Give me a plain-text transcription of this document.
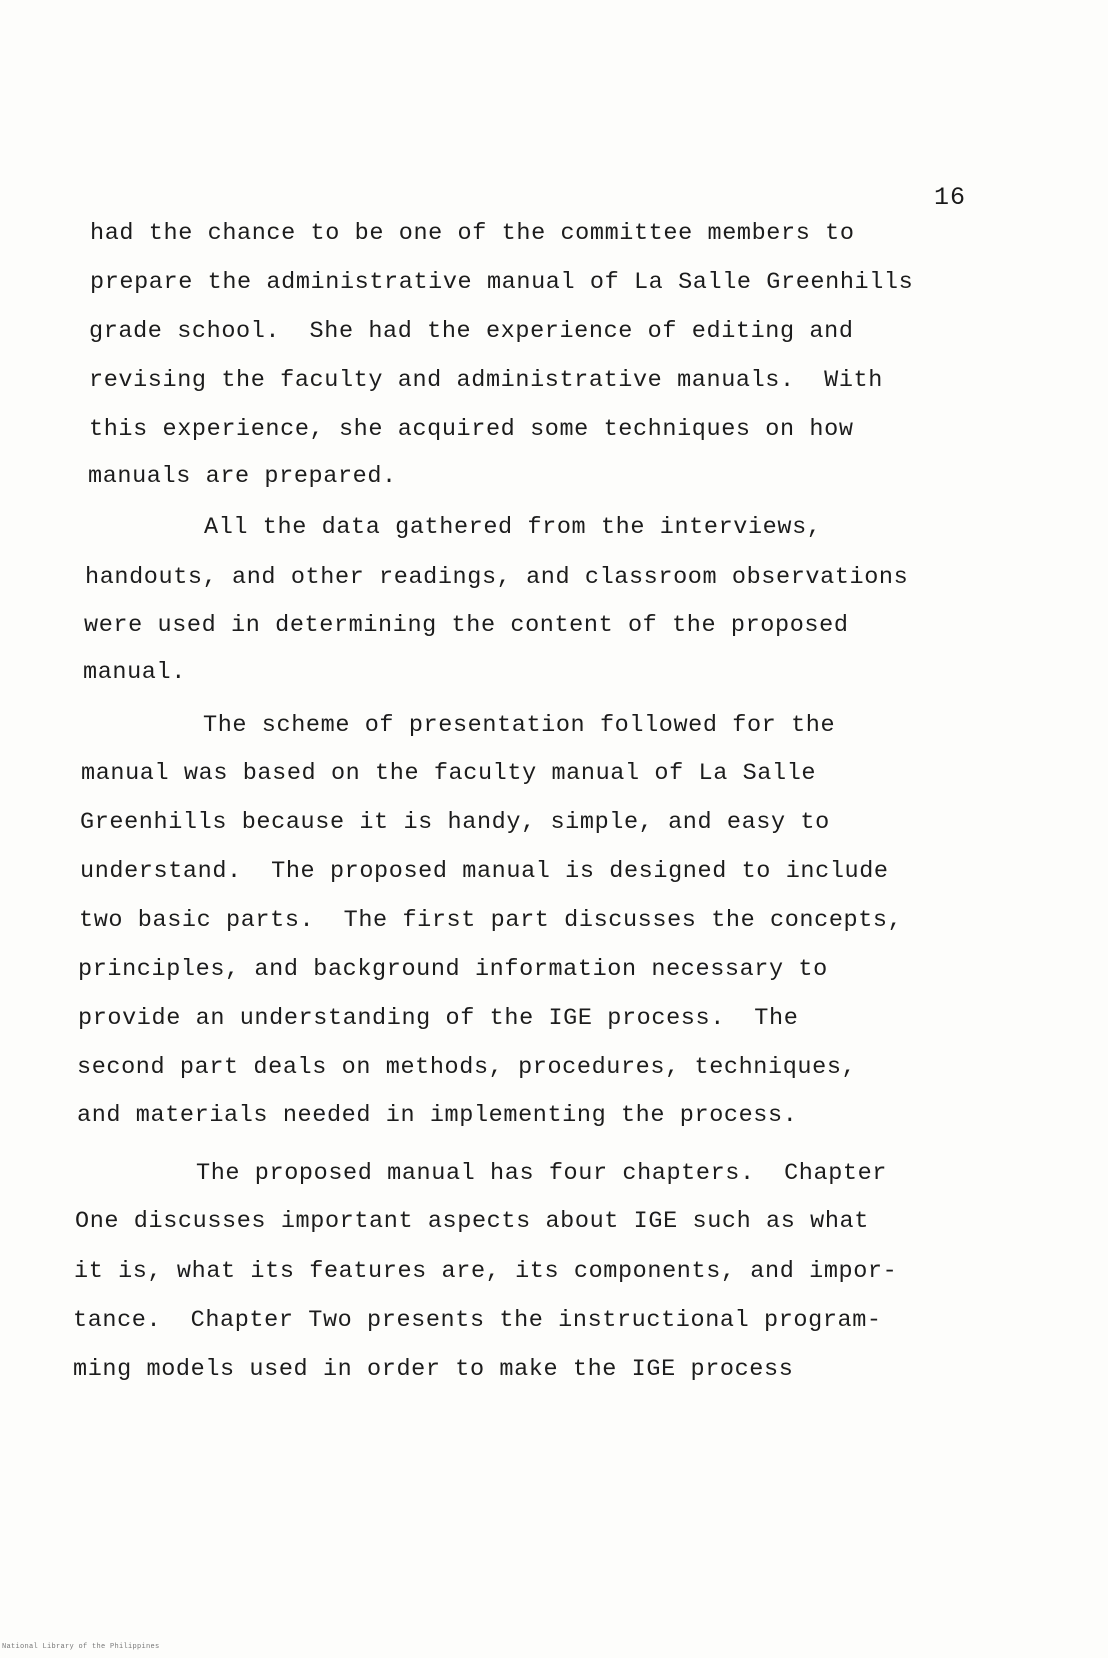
16
had the chance to be one of the committee members to
prepare the administrative manual of La Salle Greenhills
grade school.  She had the experience of editing and
revising the faculty and administrative manuals.  With
this experience, she acquired some techniques on how
manuals are prepared.
All the data gathered from the interviews,
handouts, and other readings, and classroom observations
were used in determining the content of the proposed
manual.
The scheme of presentation followed for the
manual was based on the faculty manual of La Salle
Greenhills because it is handy, simple, and easy to
understand.  The proposed manual is designed to include
two basic parts.  The first part discusses the concepts,
principles, and background information necessary to
provide an understanding of the IGE process.  The
second part deals on methods, procedures, techniques,
and materials needed in implementing the process.
The proposed manual has four chapters.  Chapter
One discusses important aspects about IGE such as what
it is, what its features are, its components, and impor-
tance.  Chapter Two presents the instructional program-
ming models used in order to make the IGE process
National Library of the Philippines
